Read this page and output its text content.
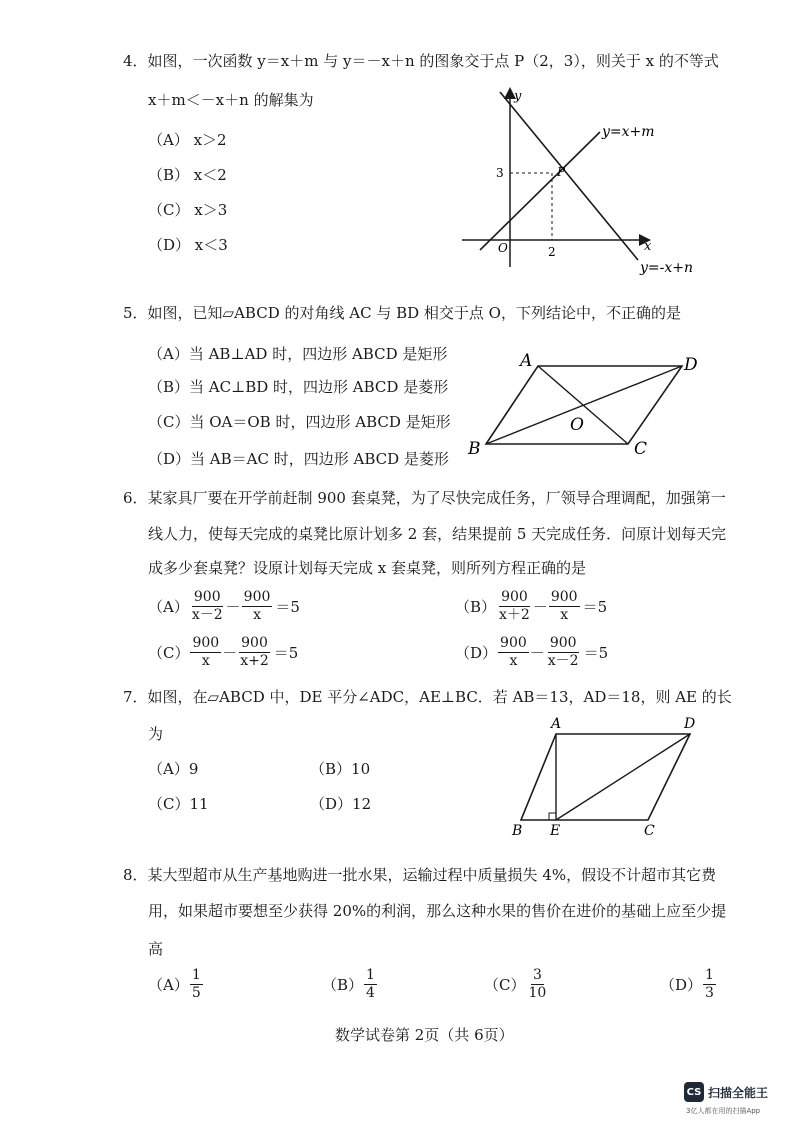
4．如图，一次函数 y＝x＋m 与 y＝－x＋n 的图象交于点 P（2，3），则关于 x 的不等式
x＋m＜－x＋n 的解集为
（A） x＞2
（B） x＜2
（C） x＞3
（D） x＜3
y
x
O	2
3	P
y=x+m
y=-x+n
5．如图，已知▱ABCD 的对角线 AC 与 BD 相交于点 O，下列结论中，不正确的是
（A）当 AB⊥AD 时，四边形 ABCD 是矩形
（B）当 AC⊥BD 时，四边形 ABCD 是菱形
（C）当 OA＝OB 时，四边形 ABCD 是矩形
（D）当 AB＝AC 时，四边形 ABCD 是菱形
A	D
B	C
O
6．某家具厂要在开学前赶制 900 套桌凳，为了尽快完成任务，厂领导合理调配，加强第一
线人力，使每天完成的桌凳比原计划多 2 套，结果提前 5 天完成任务．问原计划每天完
成多少套桌凳？设原计划每天完成 x 套桌凳，则所列方程正确的是
$(A) \frac{900}{x-2} - \frac{900}{x} =5$	$(B) \frac{900}{x+2} - \frac{900}{x} =5$
$(C) \frac{900}{x} - \frac{900}{x+2} =5$	$(D) \frac{900}{x} - \frac{900}{x-2} =5$
7．如图，在▱ABCD 中，DE 平分∠ADC，AE⊥BC．若 AB＝13，AD＝18，则 AE 的长
为
（A）9	（B）10
（C）11	（D）12
A	D
B E	C
8．某大型超市从生产基地购进一批水果，运输过程中质量损失 4%，假设不计超市其它费
用，如果超市要想至少获得 20%的利润，那么这种水果的售价在进价的基础上应至少提
高
$(A) \frac{1}{5}$	$(B) \frac{1}{4}$	$(C) \frac{3}{10}$	$(D) \frac{1}{3}$
数学试卷第 2页（共 6页）
CS 扫描全能王
3亿人都在用的扫描App
